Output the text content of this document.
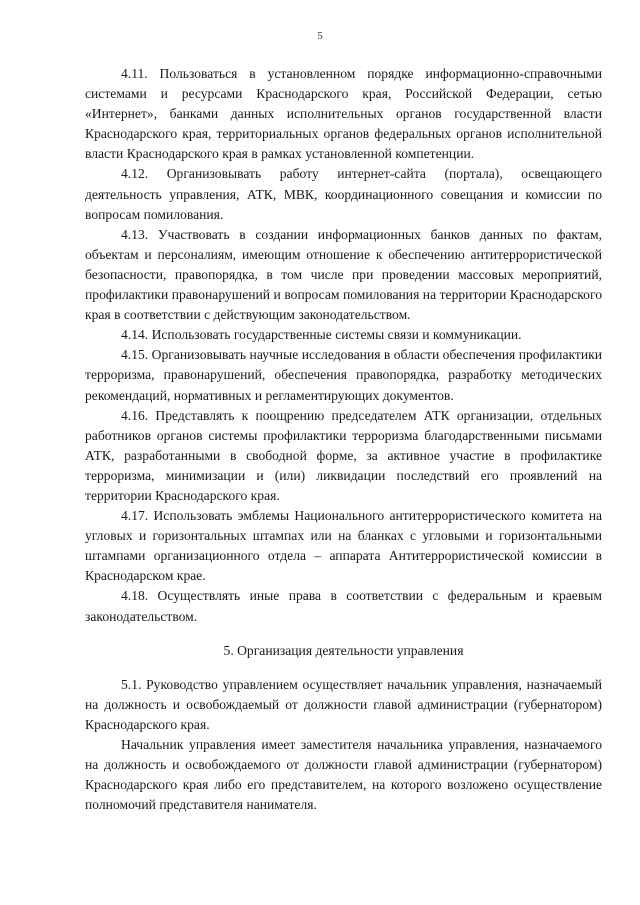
5

4.11. Пользоваться в установленном порядке информационно-справочными системами и ресурсами Краснодарского края, Российской Федерации, сетью «Интернет», банками данных исполнительных органов государственной власти Краснодарского края, территориальных органов федеральных органов исполнительной власти Краснодарского края в рамках установленной компетенции.

4.12. Организовывать работу интернет-сайта (портала), освещающего деятельность управления, АТК, МВК, координационного совещания и комиссии по вопросам помилования.

4.13. Участвовать в создании информационных банков данных по фактам, объектам и персоналиям, имеющим отношение к обеспечению антитеррористической безопасности, правопорядка, в том числе при проведении массовых мероприятий, профилактики правонарушений и вопросам помилования на территории Краснодарского края в соответствии с действующим законодательством.

4.14. Использовать государственные системы связи и коммуникации.

4.15. Организовывать научные исследования в области обеспечения профилактики терроризма, правонарушений, обеспечения правопорядка, разработку методических рекомендаций, нормативных и регламентирующих документов.

4.16. Представлять к поощрению председателем АТК организации, отдельных работников органов системы профилактики терроризма благодарственными письмами АТК, разработанными в свободной форме, за активное участие в профилактике терроризма, минимизации и (или) ликвидации последствий его проявлений на территории Краснодарского края.

4.17. Использовать эмблемы Национального антитеррористического комитета на угловых и горизонтальных штампах или на бланках с угловыми и горизонтальными штампами организационного отдела – аппарата Антитеррористической комиссии в Краснодарском крае.

4.18. Осуществлять иные права в соответствии с федеральным и краевым законодательством.

5. Организация деятельности управления

5.1. Руководство управлением осуществляет начальник управления, назначаемый на должность и освобождаемый от должности главой администрации (губернатором) Краснодарского края.

Начальник управления имеет заместителя начальника управления, назначаемого на должность и освобождаемого от должности главой администрации (губернатором) Краснодарского края либо его представителем, на которого возложено осуществление полномочий представителя нанимателя.
